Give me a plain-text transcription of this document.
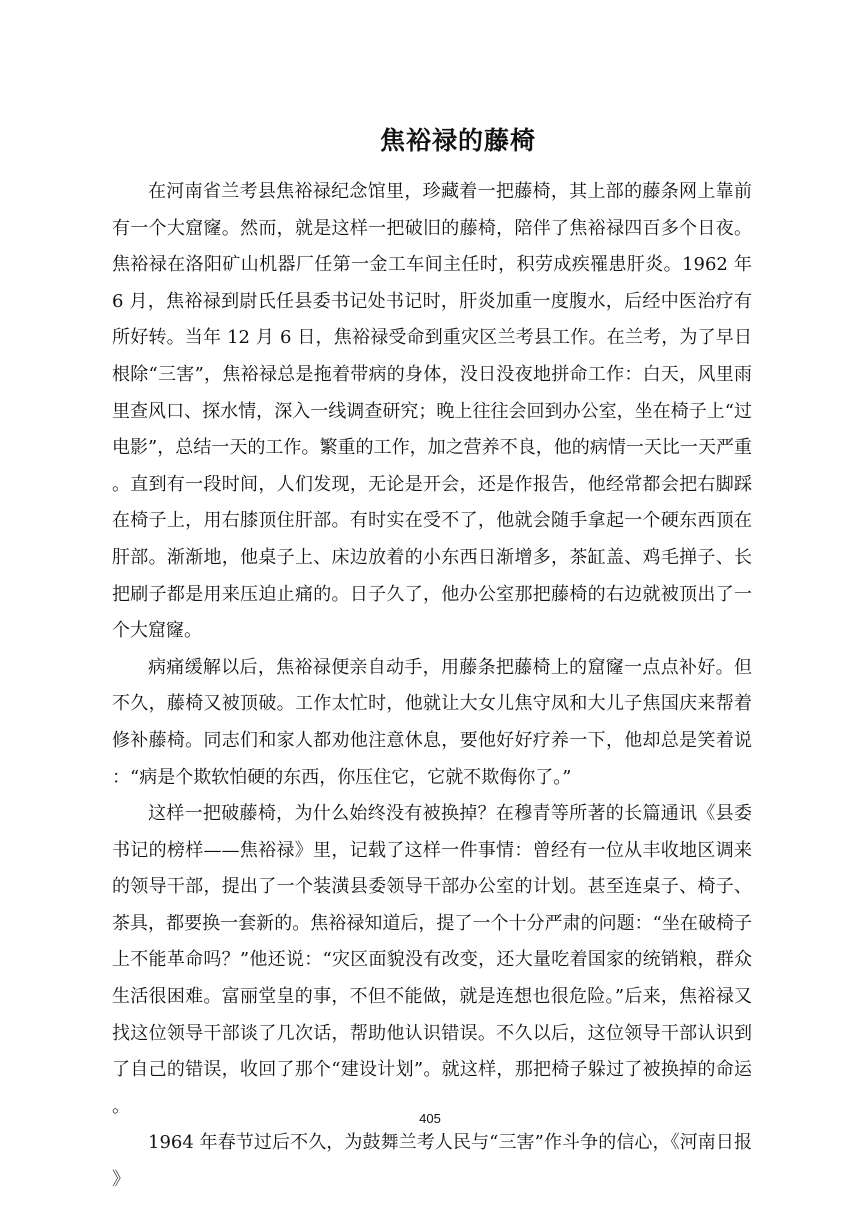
焦裕禄的藤椅

在河南省兰考县焦裕禄纪念馆里，珍藏着一把藤椅，其上部的藤条网上靠前有一个大窟窿。然而，就是这样一把破旧的藤椅，陪伴了焦裕禄四百多个日夜。焦裕禄在洛阳矿山机器厂任第一金工车间主任时，积劳成疾罹患肝炎。1962 年 6 月，焦裕禄到尉氏任县委书记处书记时，肝炎加重一度腹水，后经中医治疗有所好转。当年 12 月 6 日，焦裕禄受命到重灾区兰考县工作。在兰考，为了早日根除“三害”，焦裕禄总是拖着带病的身体，没日没夜地拼命工作：白天，风里雨里查风口、探水情，深入一线调查研究；晚上往往会回到办公室，坐在椅子上“过电影”，总结一天的工作。繁重的工作，加之营养不良，他的病情一天比一天严重。直到有一段时间，人们发现，无论是开会，还是作报告，他经常都会把右脚踩在椅子上，用右膝顶住肝部。有时实在受不了，他就会随手拿起一个硬东西顶在肝部。渐渐地，他桌子上、床边放着的小东西日渐增多，茶缸盖、鸡毛掸子、长把刷子都是用来压迫止痛的。日子久了，他办公室那把藤椅的右边就被顶出了一个大窟窿。

病痛缓解以后，焦裕禄便亲自动手，用藤条把藤椅上的窟窿一点点补好。但不久，藤椅又被顶破。工作太忙时，他就让大女儿焦守凤和大儿子焦国庆来帮着修补藤椅。同志们和家人都劝他注意休息，要他好好疗养一下，他却总是笑着说：“病是个欺软怕硬的东西，你压住它，它就不欺侮你了。”

这样一把破藤椅，为什么始终没有被换掉？在穆青等所著的长篇通讯《县委书记的榜样——焦裕禄》里，记载了这样一件事情：曾经有一位从丰收地区调来的领导干部，提出了一个装潢县委领导干部办公室的计划。甚至连桌子、椅子、茶具，都要换一套新的。焦裕禄知道后，提了一个十分严肃的问题：“坐在破椅子上不能革命吗？”他还说：“灾区面貌没有改变，还大量吃着国家的统销粮，群众生活很困难。富丽堂皇的事，不但不能做，就是连想也很危险。”后来，焦裕禄又找这位领导干部谈了几次话，帮助他认识错误。不久以后，这位领导干部认识到了自己的错误，收回了那个“建设计划”。就这样，那把椅子躲过了被换掉的命运。

1964 年春节过后不久，为鼓舞兰考人民与“三害”作斗争的信心，《河南日报》

405
